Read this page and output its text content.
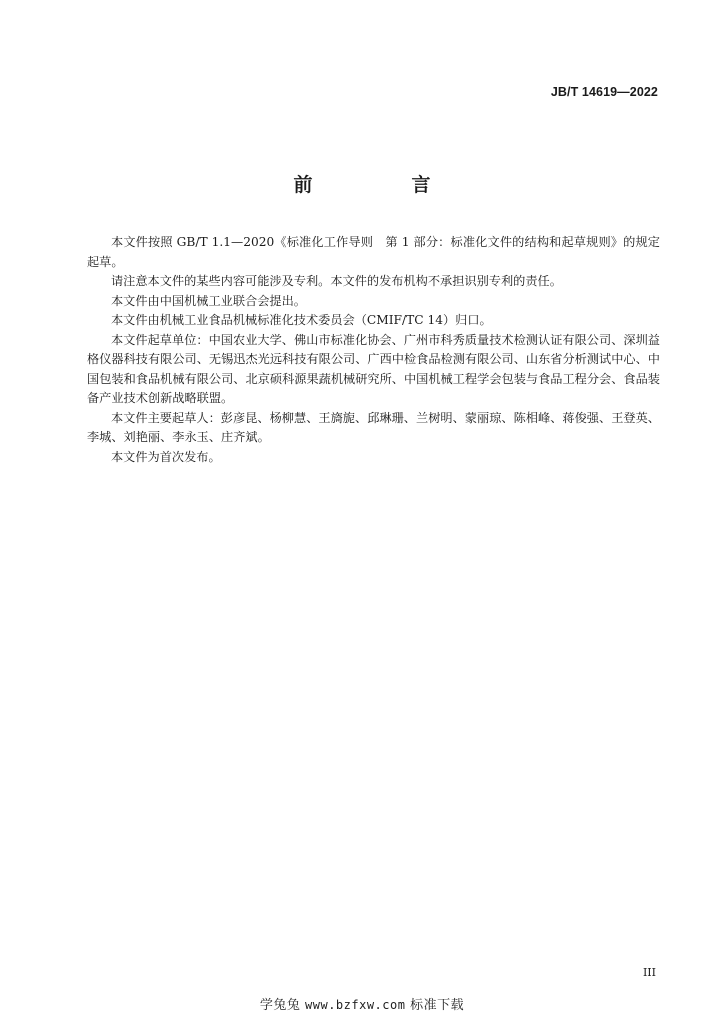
JB/T 14619—2022
前　言

本文件按照 GB/T 1.1—2020《标准化工作导则　第 1 部分：标准化文件的结构和起草规则》的规定起草。

请注意本文件的某些内容可能涉及专利。本文件的发布机构不承担识别专利的责任。

本文件由中国机械工业联合会提出。

本文件由机械工业食品机械标准化技术委员会（CMIF/TC 14）归口。

本文件起草单位：中国农业大学、佛山市标准化协会、广州市科秀质量技术检测认证有限公司、深圳益格仪器科技有限公司、无锡迅杰光远科技有限公司、广西中检食品检测有限公司、山东省分析测试中心、中国包装和食品机械有限公司、北京硕科源果蔬机械研究所、中国机械工程学会包装与食品工程分会、食品装备产业技术创新战略联盟。

本文件主要起草人：彭彦昆、杨柳慧、王旖旎、邱琳珊、兰树明、蒙丽琼、陈相峰、蒋俊强、王登英、李城、刘艳丽、李永玉、庄齐斌。

本文件为首次发布。

III
学兔兔 www.bzfxw.com 标准下载
